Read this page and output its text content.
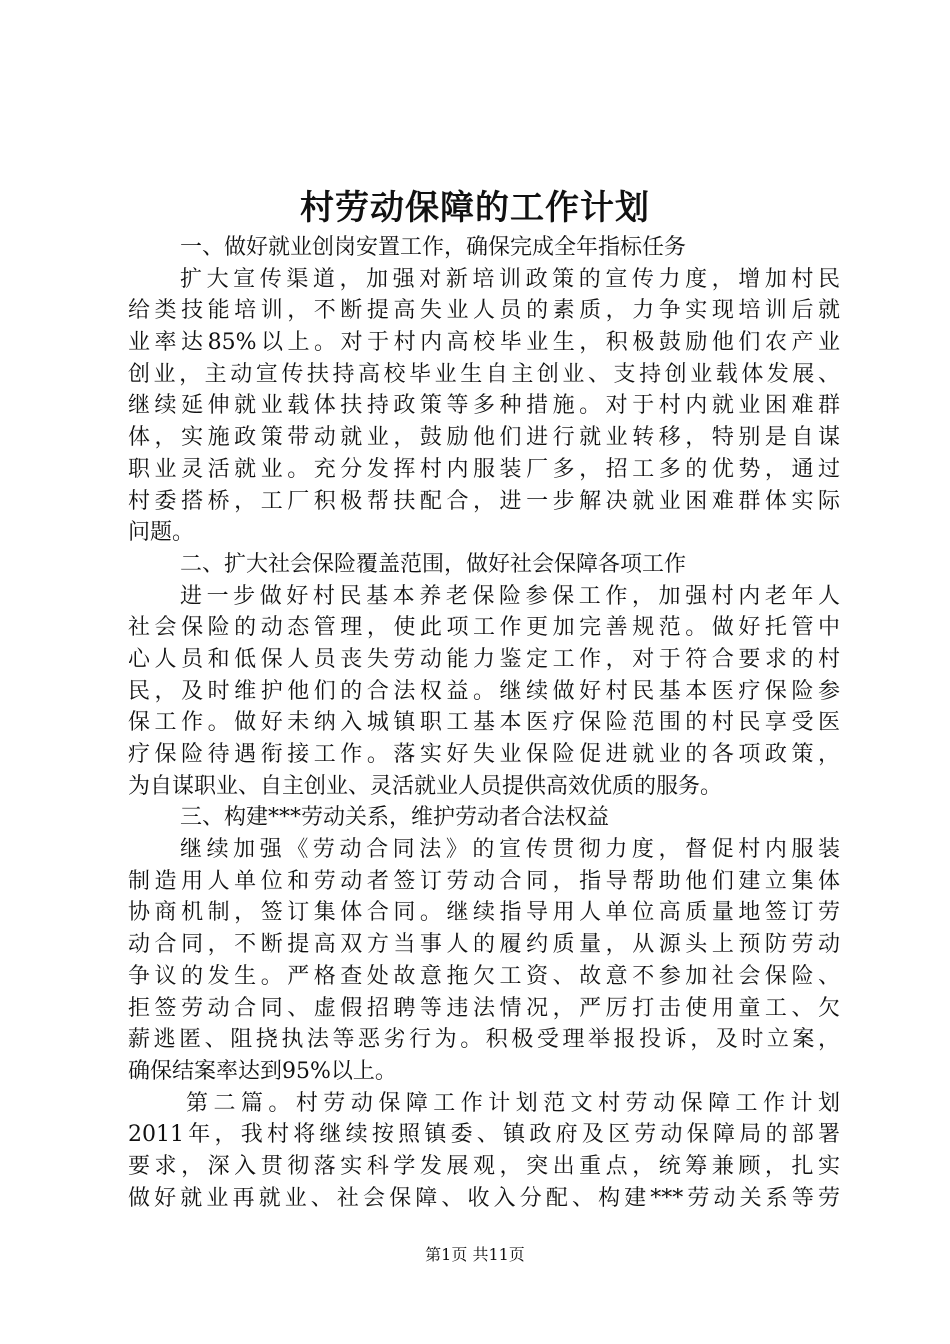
村劳动保障的工作计划
一、做好就业创岗安置工作，确保完成全年指标任务
扩大宣传渠道，加强对新培训政策的宣传力度，增加村民
给类技能培训，不断提高失业人员的素质，力争实现培训后就
业率达85%以上。对于村内高校毕业生，积极鼓励他们农产业
创业，主动宣传扶持高校毕业生自主创业、支持创业载体发展、
继续延伸就业载体扶持政策等多种措施。对于村内就业困难群
体，实施政策带动就业，鼓励他们进行就业转移，特别是自谋
职业灵活就业。充分发挥村内服装厂多，招工多的优势，通过
村委搭桥，工厂积极帮扶配合，进一步解决就业困难群体实际
问题。
二、扩大社会保险覆盖范围，做好社会保障各项工作
进一步做好村民基本养老保险参保工作，加强村内老年人
社会保险的动态管理，使此项工作更加完善规范。做好托管中
心人员和低保人员丧失劳动能力鉴定工作，对于符合要求的村
民，及时维护他们的合法权益。继续做好村民基本医疗保险参
保工作。做好未纳入城镇职工基本医疗保险范围的村民享受医
疗保险待遇衔接工作。落实好失业保险促进就业的各项政策，
为自谋职业、自主创业、灵活就业人员提供高效优质的服务。
三、构建***劳动关系，维护劳动者合法权益
继续加强《劳动合同法》的宣传贯彻力度，督促村内服装
制造用人单位和劳动者签订劳动合同，指导帮助他们建立集体
协商机制，签订集体合同。继续指导用人单位高质量地签订劳
动合同，不断提高双方当事人的履约质量，从源头上预防劳动
争议的发生。严格查处故意拖欠工资、故意不参加社会保险、
拒签劳动合同、虚假招聘等违法情况，严厉打击使用童工、欠
薪逃匿、阻挠执法等恶劣行为。积极受理举报投诉，及时立案，
确保结案率达到95%以上。
第二篇。村劳动保障工作计划范文村劳动保障工作计划
2011年，我村将继续按照镇委、镇政府及区劳动保障局的部署
要求，深入贯彻落实科学发展观，突出重点，统筹兼顾，扎实
做好就业再就业、社会保障、收入分配、构建***劳动关系等劳
第1页 共11页
